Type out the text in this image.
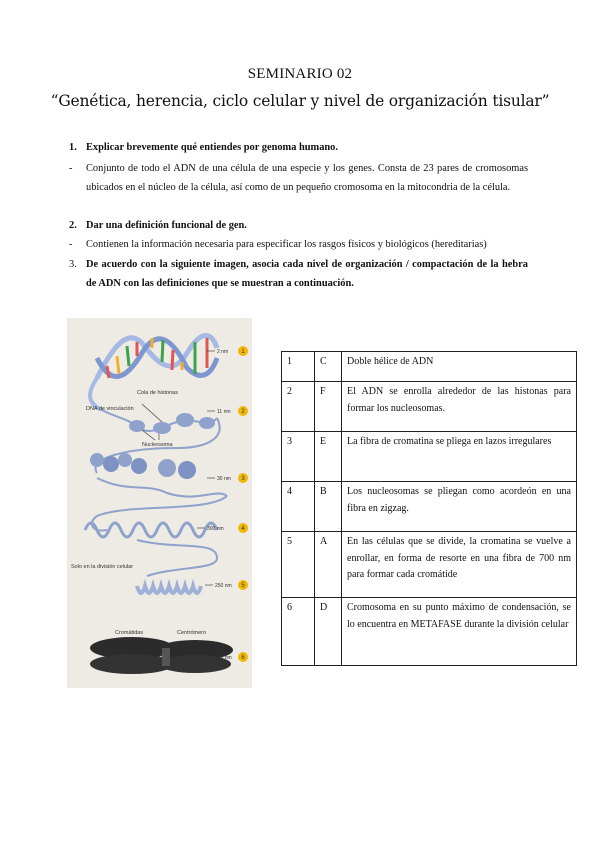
SEMINARIO 02
“Genética, herencia, ciclo celular y nivel de organización tisular”
1. Explicar brevemente qué entiendes por genoma humano.
- Conjunto de todo el ADN de una célula de una especie y los genes. Consta de 23 pares de cromosomas ubicados en el núcleo de la célula, así como de un pequeño cromosoma en la mitocondria de la célula.
2. Dar una definición funcional de gen.
- Contienen la información necesaria para especificar los rasgos físicos y biológicos (hereditarias)
3. De acuerdo con la siguiente imagen, asocia cada nivel de organización / compactación de la hebra de ADN con las definiciones que se muestran a continuación.
Cola de histonas
DNA de vinculación
Nucleosoma
Solo en la división celular
Cromátidas	Centrómero
2 nm 1
11 nm 2
30 nm 3
300 nm	4
250 nm 5
700 nm 6
1	C	Doble hélice de ADN
2	F	El ADN se enrolla alrededor de las histonas para formar los nucleosomas.
3	E	La fibra de cromatina se pliega en lazos irregulares
4	B	Los nucleosomas se pliegan como acordeón en una fibra en zigzag.
5	A	En las células que se divide, la cromatina se vuelve a enrollar, en forma de resorte en una fibra de 700 nm para formar cada cromátide
6	D	Cromosoma en su punto máximo de condensación, se lo encuentra en METAFASE durante la división celular
